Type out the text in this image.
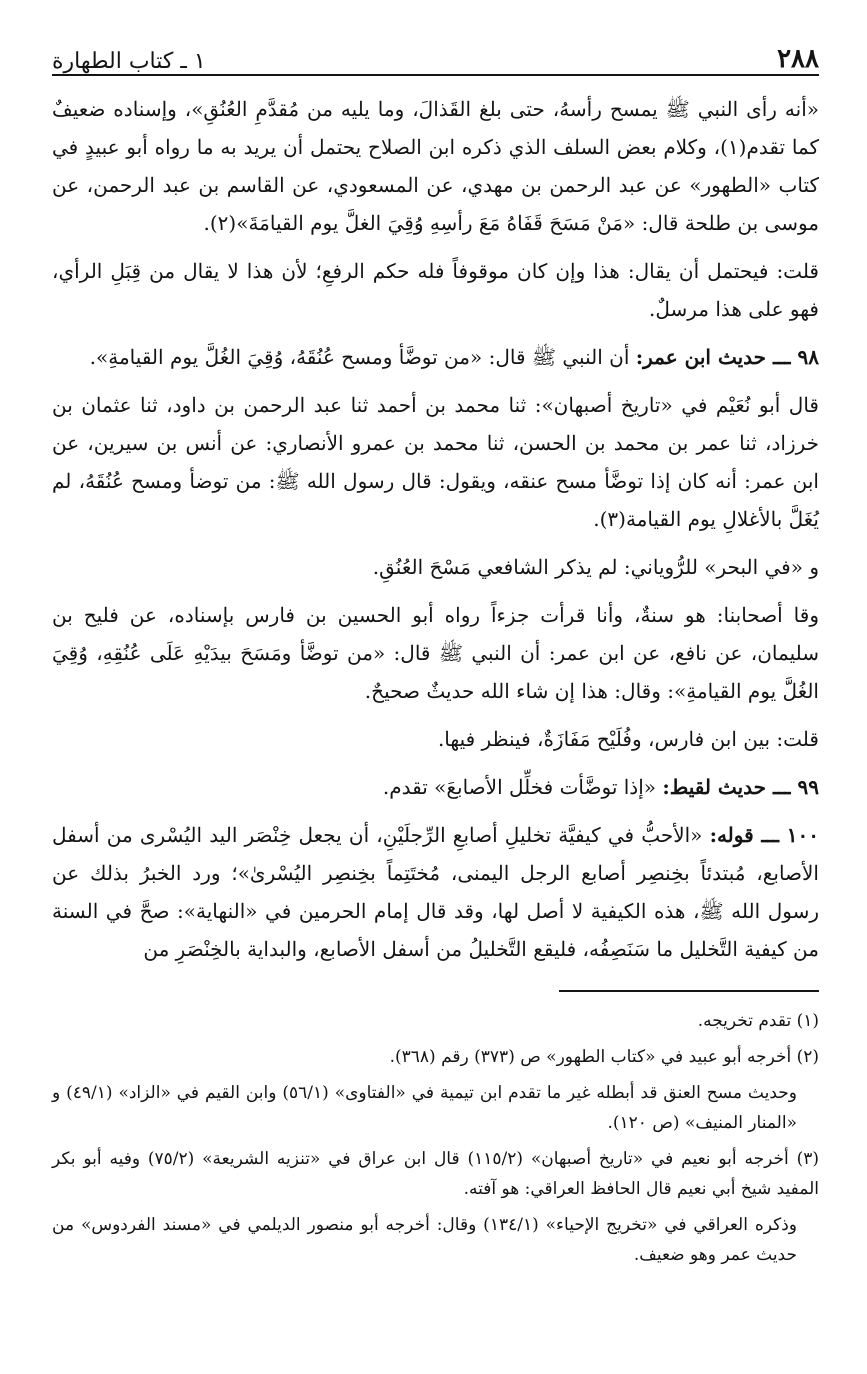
٢٨٨
١ ـ كتاب الطهارة

«أنه رأى النبي ﷺ يمسح رأسهُ، حتى بلغ القَذالَ، وما يليه من مُقدَّمِ العُنُقِ»، وإسناده ضعيفٌ كما تقدم(١)، وكلام بعض السلف الذي ذكره ابن الصلاح يحتمل أن يريد به ما رواه أبو عبيدٍ في كتاب «الطهور» عن عبد الرحمن بن مهدي، عن المسعودي، عن القاسم بن عبد الرحمن، عن موسى بن طلحة قال: «مَنْ مَسَحَ قَفَاهُ مَعَ رأسِهِ وُقِيَ الغلَّ يوم القيامَةَ»(٢).

قلت: فيحتمل أن يقال: هذا وإن كان موقوفاً فله حكم الرفعِ؛ لأن هذا لا يقال من قِبَلِ الرأي، فهو على هذا مرسلٌ.

٩٨ ـــ حديث ابن عمر: أن النبي ﷺ قال: «من توضَّأ ومسح عُنُقَهُ، وُقِيَ الغُلَّ يوم القيامةِ».

قال أبو نُعَيْم في «تاريخ أصبهان»: ثنا محمد بن أحمد ثنا عبد الرحمن بن داود، ثنا عثمان بن خرزاد، ثنا عمر بن محمد بن الحسن، ثنا محمد بن عمرو الأنصاري: عن أنس بن سيرين، عن ابن عمر: أنه كان إذا توضَّأ مسح عنقه، ويقول: قال رسول الله ﷺ: من توضأ ومسح عُنُقَهُ، لم يُغَلَّ بالأغلالِ يوم القيامة(٣).

و «في البحر» للرُّوياني: لم يذكر الشافعي مَسْحَ العُنُقِ.

وقا أصحابنا: هو سنةٌ، وأنا قرأت جزءاً رواه أبو الحسين بن فارس بإسناده، عن فليح بن سليمان، عن نافع، عن ابن عمر: أن النبي ﷺ قال: «من توضَّأ ومَسَحَ بيدَيْهِ عَلَى عُنُقِهِ، وُقِيَ الغُلَّ يوم القيامةِ»: وقال: هذا إن شاء الله حديثٌ صحيحٌ.

قلت: بين ابن فارس، وفُلَيْح مَفَازَةٌ، فينظر فيها.

٩٩ ـــ حديث لقيط: «إذا توضَّأت فخلِّل الأصابعَ» تقدم.

١٠٠ ـــ قوله: «الأحبُّ في كيفيَّة تخليلِ أصابعِ الرِّجلَيْنِ، أن يجعل خِنْصَر اليد اليُسْرى من أسفل الأصابع، مُبتدئاً بخِنصِر أصابع الرجل اليمنى، مُختَتِماً بخِنصِر اليُسْرىٰ»؛ ورد الخبرُ بذلك عن رسول الله ﷺ، هذه الكيفية لا أصل لها، وقد قال إمام الحرمين في «النهاية»: صحَّ في السنة من كيفية التَّخليل ما سَنَصِفُه، فليقع التَّخليلُ من أسفل الأصابع، والبداية بالخِنْصَرِ من

(١) تقدم تخريجه.

(٢) أخرجه أبو عبيد في «كتاب الطهور» ص (٣٧٣) رقم (٣٦٨).

وحديث مسح العنق قد أبطله غير ما تقدم ابن تيمية في «الفتاوى» (٥٦/١) وابن القيم في «الزاد» (٤٩/١) و «المنار المنيف» (ص ١٢٠).

(٣) أخرجه أبو نعيم في «تاريخ أصبهان» (١١٥/٢) قال ابن عراق في «تنزيه الشريعة» (٧٥/٢) وفيه أبو بكر المفيد شيخ أبي نعيم قال الحافظ العراقي: هو آفته.

وذكره العراقي في «تخريج الإحياء» (١٣٤/١) وقال: أخرجه أبو منصور الديلمي في «مسند الفردوس» من حديث عمر وهو ضعيف.
